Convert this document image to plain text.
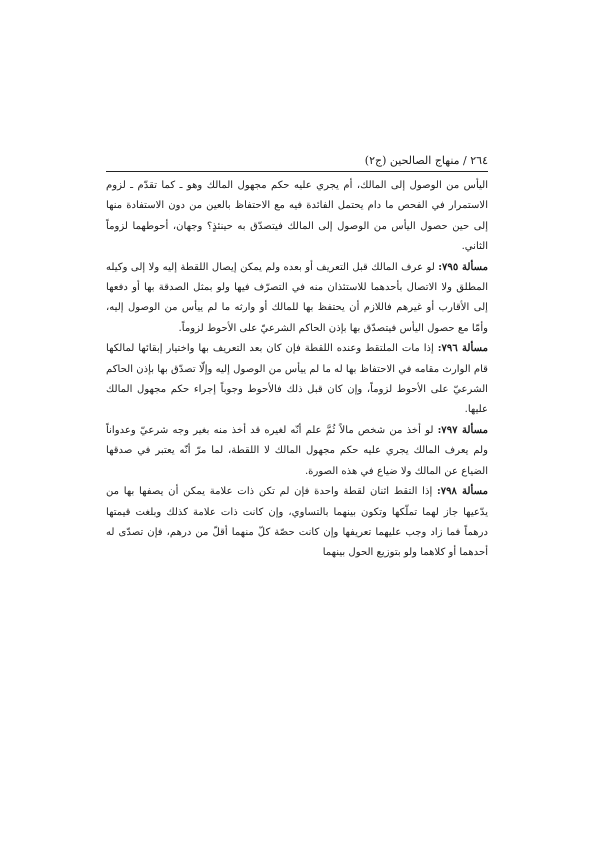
٢٦٤ / منهاج الصالحين (ج٢)

اليأس من الوصول إلى المالك، أم يجري عليه حكم مجهول المالك وهو ـ كما تقدّم ـ لزوم الاستمرار في الفحص ما دام يحتمل الفائدة فيه مع الاحتفاظ بالعين من دون الاستفادة منها إلى حين حصول اليأس من الوصول إلى المالك فيتصدّق به حينئذٍ؟ وجهان، أحوطهما لزوماً الثاني.

مسألة ٧٩٥: لو عرف المالك قبل التعريف أو بعده ولم يمكن إيصال اللقطة إليه ولا إلى وكيله المطلق ولا الاتصال بأحدهما للاستئذان منه في التصرّف فيها ولو بمثل الصدقة بها أو دفعها إلى الأقارب أو غيرهم فاللازم أن يحتفظ بها للمالك أو وارثه ما لم ييأس من الوصول إليه، وأمّا مع حصول اليأس فيتصدّق بها بإذن الحاكم الشرعيّ على الأحوط لزوماً.

مسألة ٧٩٦: إذا مات الملتقط وعنده اللقطة فإن كان بعد التعريف بها واختيار إبقائها لمالكها قام الوارث مقامه في الاحتفاظ بها له ما لم ييأس من الوصول إليه وإلّا تصدّق بها بإذن الحاكم الشرعيّ على الأحوط لزوماً، وإن كان قبل ذلك فالأحوط وجوباً إجراء حكم مجهول المالك عليها.

مسألة ٧٩٧: لو أخذ من شخص مالاً ثُمَّ علم أنّه لغيره قد أخذ منه بغير وجه شرعيّ وعدواناً ولم يعرف المالك يجري عليه حكم مجهول المالك لا اللقطة، لما مرّ أنّه يعتبر في صدقها الضياع عن المالك ولا ضياع في هذه الصورة.

مسألة ٧٩٨: إذا التقط اثنان لقطة واحدة فإن لم تكن ذات علامة يمكن أن يصفها بها من يدّعيها جاز لهما تملّكها وتكون بينهما بالتساوي، وإن كانت ذات علامة كذلك وبلغت قيمتها درهماً فما زاد وجب عليهما تعريفها وإن كانت حصّة كلّ منهما أقلّ من درهم، فإن تصدّى له أحدهما أو كلاهما ولو بتوزيع الحول بينهما
